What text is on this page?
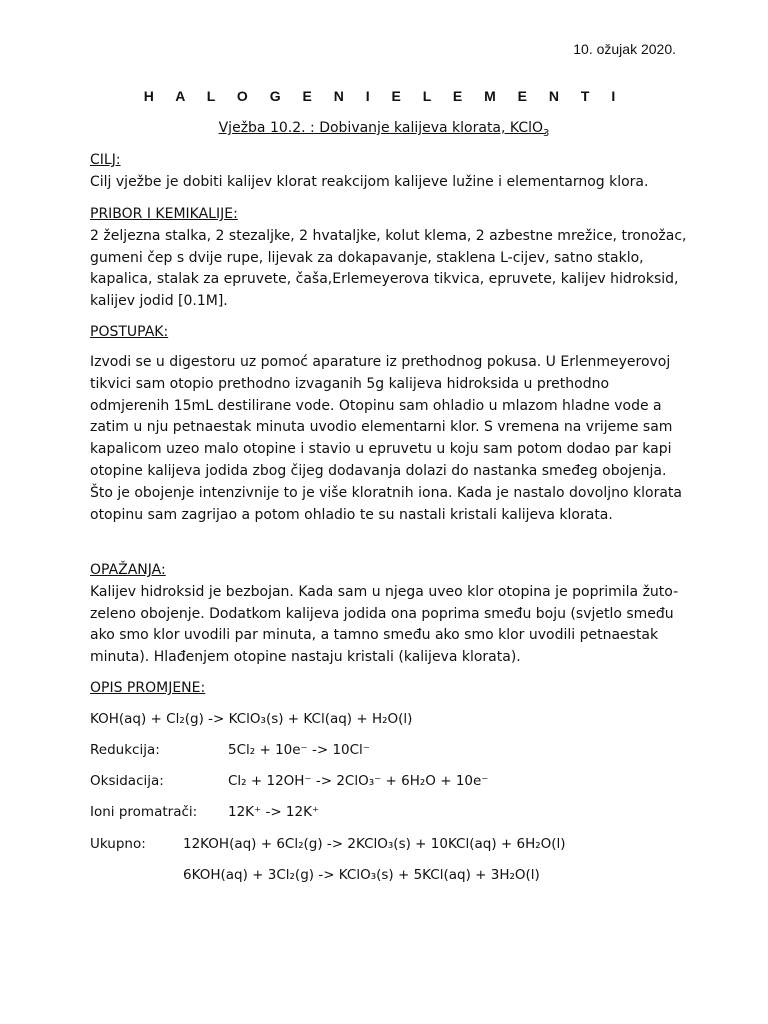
10. ožujak 2020.
H A L O G E N I E L E M E N T I
Vježba 10.2. : Dobivanje kalijeva klorata, KClO$_3$
CILJ:

Cilj vježbe je dobiti kalijev klorat reakcijom kalijeve lužine i elementarnog klora.

PRIBOR I KEMIKALIJE:

2 željezna stalka, 2 stezaljke, 2 hvataljke, kolut klema, 2 azbestne mrežice, tronožac, gumeni čep s dvije rupe, lijevak za dokapavanje, staklena L-cijev, satno staklo, kapalica, stalak za epruvete, čaša,Erlemeyerova tikvica, epruvete, kalijev hidroksid, kalijev jodid [0.1M].

POSTUPAK:

Izvodi se u digestoru uz pomoć aparature iz prethodnog pokusa. U Erlenmeyerovoj tikvici sam otopio prethodno izvaganih 5g kalijeva hidroksida u prethodno odmjerenih 15mL destilirane vode. Otopinu sam ohladio u mlazom hladne vode a zatim u nju petnaestak minuta uvodio elementarni klor. S vremena na vrijeme sam kapalicom uzeo malo otopine i stavio u epruvetu u koju sam potom dodao par kapi otopine kalijeva jodida zbog čijeg dodavanja dolazi do nastanka smeđeg obojenja. Što je obojenje intenzivnije to je više kloratnih iona. Kada je nastalo dovoljno klorata otopinu sam zagrijao a potom ohladio te su nastali kristali kalijeva klorata.

OPAŽANJA:

Kalijev hidroksid je bezbojan. Kada sam u njega uveo klor otopina je poprimila žuto-zeleno obojenje. Dodatkom kalijeva jodida ona poprima smeđu boju (svjetlo smeđu ako smo klor uvodili par minuta, a tamno smeđu ako smo klor uvodili petnaestak minuta). Hlađenjem otopine nastaju kristali (kalijeva klorata).

OPIS PROMJENE:
KOH(aq) + Cl₂(g) -> KClO₃(s) + KCl(aq) + H₂O(l)
Redukcija:	5Cl₂ + 10e⁻ -> 10Cl⁻
Oksidacija:	Cl₂ + 12OH⁻ -> 2ClO₃⁻ + 6H₂O + 10e⁻
Ioni promatrači: 12K⁺ -> 12K⁺
Ukupno:	12KOH(aq) + 6Cl₂(g) -> 2KClO₃(s) + 10KCl(aq) + 6H₂O(l)
6KOH(aq) + 3Cl₂(g) -> KClO₃(s) + 5KCl(aq) + 3H₂O(l)
